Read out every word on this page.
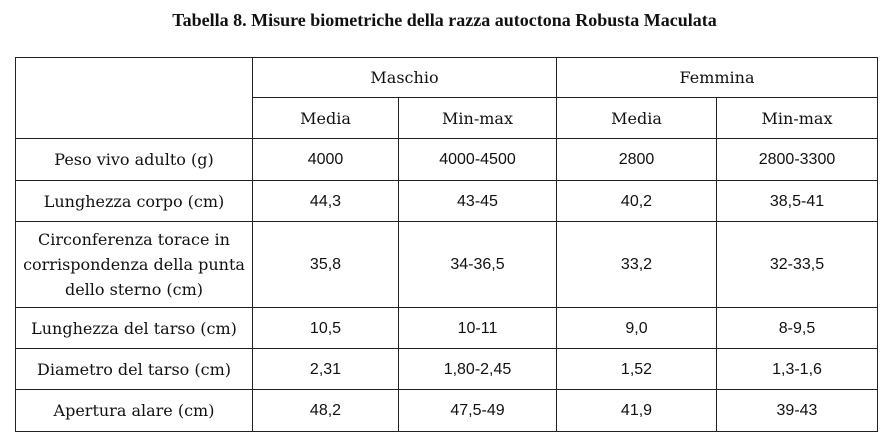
Tabella 8. Misure biometriche della razza autoctona Robusta Maculata
	Maschio		Femmina	
	Media	Min-max	Media	Min-max
Peso vivo adulto (g)	4000	4000-4500	2800	2800-3300
Lunghezza corpo (cm)	44,3	43-45	40,2	38,5-41
Circonferenza torace in corrispondenza della punta dello sterno (cm)	35,8	34-36,5	33,2	32-33,5
Lunghezza del tarso (cm)	10,5	10-11	9,0	8-9,5
Diametro del tarso (cm)	2,31	1,80-2,45	1,52	1,3-1,6
Apertura alare (cm)	48,2	47,5-49	41,9	39-43
